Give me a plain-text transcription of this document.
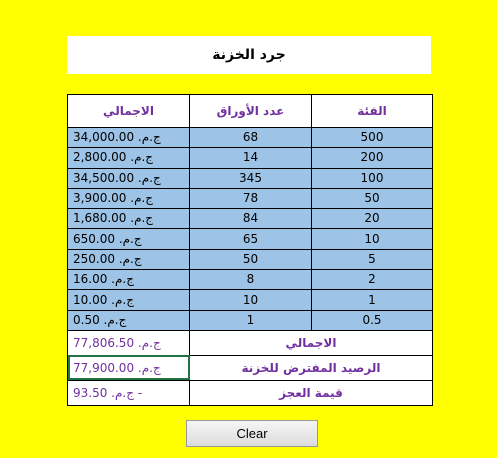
جرد الخزنة
الفئة	عدد الأوراق	الاجمالي
500	68	ج.م. 34,000.00
200	14	ج.م. 2,800.00
100	345	ج.م. 34,500.00
50	78	ج.م. 3,900.00
20	84	ج.م. 1,680.00
10	65	ج.م. 650.00
5	50	ج.م. 250.00
2	8	ج.م. 16.00
1	10	ج.م. 10.00
0.5	1	ج.م. 0.50
الاجمالي		ج.م. 77,806.50
الرصيد المفترض للخزنة		ج.م. 77,900.00
قيمة العجز		- ج.م. 93.50
Clear
